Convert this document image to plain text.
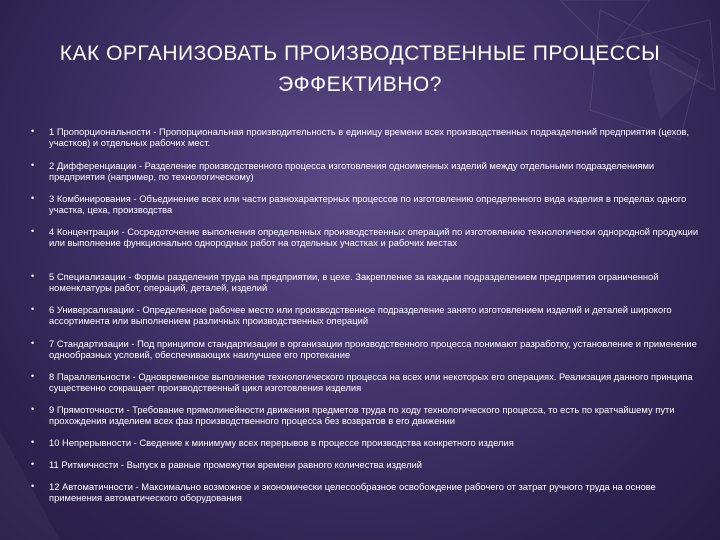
КАК ОРГАНИЗОВАТЬ ПРОИЗВОДСТВЕННЫЕ ПРОЦЕССЫ
ЭФФЕКТИВНО?
• 1 Пропорциональности - Пропорциональная производительность в единицу времени всех производственных подразделений предприятия (цехов, участков) и отдельных рабочих мест.

• 2 Дифференциации - Разделение производственного процесса изготовления одноименных изделий между отдельными подразделениями предприятия (например, по технологическому)

• 3 Комбинирования - Объединение всех или части разнохарактерных процессов по изготовлению определенного вида изделия в пределах одного участка, цеха, производства

• 4 Концентрации - Сосредоточение выполнения определенных производственных операций по изготовлению технологически однородной продукции или выполнение функционально однородных работ на отдельных участках и рабочих местах

• 5 Специализации - Формы разделения труда на предприятии, в цехе. Закрепление за каждым подразделением предприятия ограниченной номенклатуры работ, операций, деталей, изделий

• 6 Универсализации - Определенное рабочее место или производственное подразделение занято изготовлением изделий и деталей широкого ассортимента или выполнением различных производственных операций

• 7 Стандартизации - Под принципом стандартизации в организации производственного процесса понимают разработку, установление и применение однообразных условий, обеспечивающих наилучшее его протекание

• 8 Параллельности - Одновременное выполнение технологического процесса на всех или некоторых его операциях. Реализация данного принципа существенно сокращает производственный цикл изготовления изделия

• 9 Прямоточности - Требование прямолинейности движения предметов труда по ходу технологического процесса, то есть по кратчайшему пути прохождения изделием всех фаз производственного процесса без возвратов в его движении

• 10 Непрерывности - Сведение к минимуму всех перерывов в процессе производства конкретного изделия

• 11 Ритмичности - Выпуск в равные промежутки времени равного количества изделий

• 12 Автоматичности - Максимально возможное и экономически целесообразное освобождение рабочего от затрат ручного труда на основе применения автоматического оборудования
